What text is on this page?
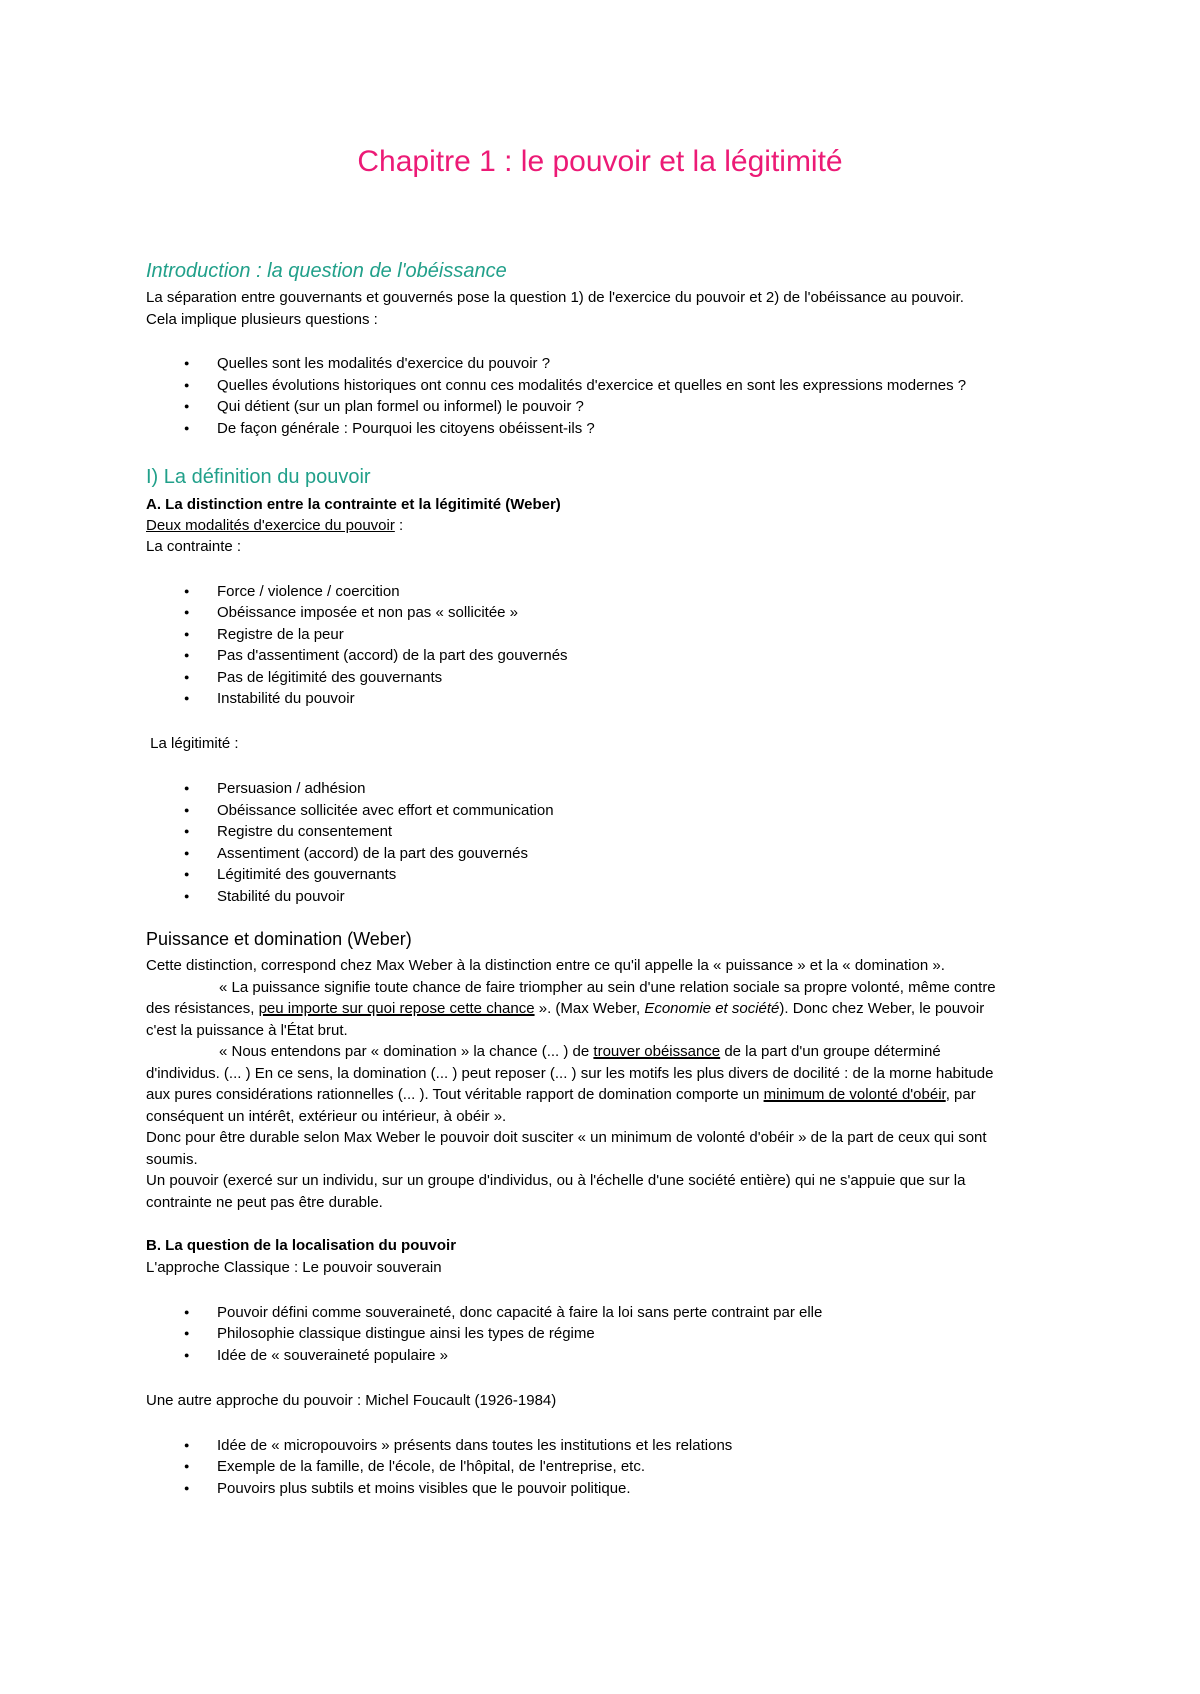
Chapitre 1 : le pouvoir et la légitimité
Introduction : la question de l'obéissance
La séparation entre gouvernants et gouvernés pose la question 1) de l'exercice du pouvoir et 2) de l'obéissance au pouvoir.
Cela implique plusieurs questions :
● Quelles sont les modalités d'exercice du pouvoir ?
● Quelles évolutions historiques ont connu ces modalités d'exercice et quelles en sont les expressions modernes ?
● Qui détient (sur un plan formel ou informel) le pouvoir ?
● De façon générale : Pourquoi les citoyens obéissent-ils ?
I) La définition du pouvoir
A. La distinction entre la contrainte et la légitimité (Weber)
Deux modalités d'exercice du pouvoir :
La contrainte :
● Force / violence / coercition
● Obéissance imposée et non pas « sollicitée »
● Registre de la peur
● Pas d'assentiment (accord) de la part des gouvernés
● Pas de légitimité des gouvernants
● Instabilité du pouvoir
La légitimité :
● Persuasion / adhésion
● Obéissance sollicitée avec effort et communication
● Registre du consentement
● Assentiment (accord) de la part des gouvernés
● Légitimité des gouvernants
● Stabilité du pouvoir
Puissance et domination (Weber)
Cette distinction, correspond chez Max Weber à la distinction entre ce qu'il appelle la « puissance » et la « domination ».
« La puissance signifie toute chance de faire triompher au sein d'une relation sociale sa propre volonté, même contre
des résistances, peu importe sur quoi repose cette chance ». (Max Weber, Economie et société). Donc chez Weber, le pouvoir
c'est la puissance à l'État brut.
« Nous entendons par « domination » la chance (... ) de trouver obéissance de la part d'un groupe déterminé
d'individus. (... ) En ce sens, la domination (... ) peut reposer (... ) sur les motifs les plus divers de docilité : de la morne habitude
aux pures considérations rationnelles (... ). Tout véritable rapport de domination comporte un minimum de volonté d'obéir, par
conséquent un intérêt, extérieur ou intérieur, à obéir ».
Donc pour être durable selon Max Weber le pouvoir doit susciter « un minimum de volonté d'obéir » de la part de ceux qui sont
soumis.
Un pouvoir (exercé sur un individu, sur un groupe d'individus, ou à l'échelle d'une société entière) qui ne s'appuie que sur la
contrainte ne peut pas être durable.
B. La question de la localisation du pouvoir
L'approche Classique : Le pouvoir souverain
● Pouvoir défini comme souveraineté, donc capacité à faire la loi sans perte contraint par elle
● Philosophie classique distingue ainsi les types de régime
● Idée de « souveraineté populaire »
Une autre approche du pouvoir : Michel Foucault (1926-1984)
● Idée de « micropouvoirs » présents dans toutes les institutions et les relations
● Exemple de la famille, de l'école, de l'hôpital, de l'entreprise, etc.
● Pouvoirs plus subtils et moins visibles que le pouvoir politique.
